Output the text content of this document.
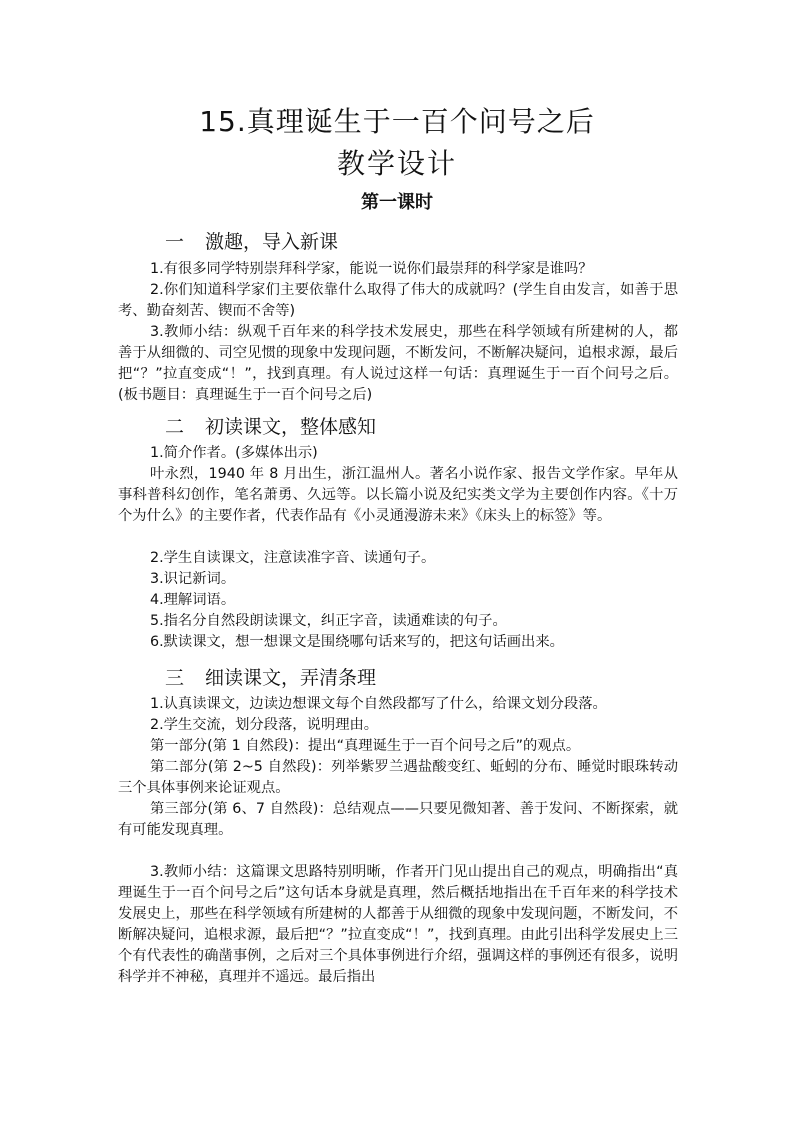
15.真理诞生于一百个问号之后
教学设计
第一课时
一 激趣，导入新课
1.有很多同学特别崇拜科学家，能说一说你们最崇拜的科学家是谁吗？
2.你们知道科学家们主要依靠什么取得了伟大的成就吗？(学生自由发言，如善于思考、勤奋刻苦、锲而不舍等)
3.教师小结：纵观千百年来的科学技术发展史，那些在科学领域有所建树的人，都善于从细微的、司空见惯的现象中发现问题，不断发问，不断解决疑问，追根求源，最后把“？”拉直变成“！”，找到真理。有人说过这样一句话：真理诞生于一百个问号之后。(板书题目：真理诞生于一百个问号之后)
二 初读课文，整体感知
1.简介作者。(多媒体出示)
叶永烈，1940 年 8 月出生，浙江温州人。著名小说作家、报告文学作家。早年从事科普科幻创作，笔名萧勇、久远等。以长篇小说及纪实类文学为主要创作内容。《十万个为什么》的主要作者，代表作品有《小灵通漫游未来》《床头上的标签》等。
2.学生自读课文，注意读准字音、读通句子。
3.识记新词。
4.理解词语。
5.指名分自然段朗读课文，纠正字音，读通难读的句子。
6.默读课文，想一想课文是围绕哪句话来写的，把这句话画出来。
三 细读课文，弄清条理
1.认真读课文，边读边想课文每个自然段都写了什么，给课文划分段落。
2.学生交流，划分段落，说明理由。
第一部分(第 1 自然段)：提出“真理诞生于一百个问号之后”的观点。
第二部分(第 2~5 自然段)：列举紫罗兰遇盐酸变红、蚯蚓的分布、睡觉时眼珠转动三个具体事例来论证观点。
第三部分(第 6、7 自然段)：总结观点——只要见微知著、善于发问、不断探索，就有可能发现真理。
3.教师小结：这篇课文思路特别明晰，作者开门见山提出自己的观点，明确指出“真理诞生于一百个问号之后”这句话本身就是真理，然后概括地指出在千百年来的科学技术发展史上，那些在科学领域有所建树的人都善于从细微的现象中发现问题，不断发问，不断解决疑问，追根求源，最后把“？”拉直变成“！”，找到真理。由此引出科学发展史上三个有代表性的确凿事例，之后对三个具体事例进行介绍，强调这样的事例还有很多，说明科学并不神秘，真理并不遥远。最后指出
